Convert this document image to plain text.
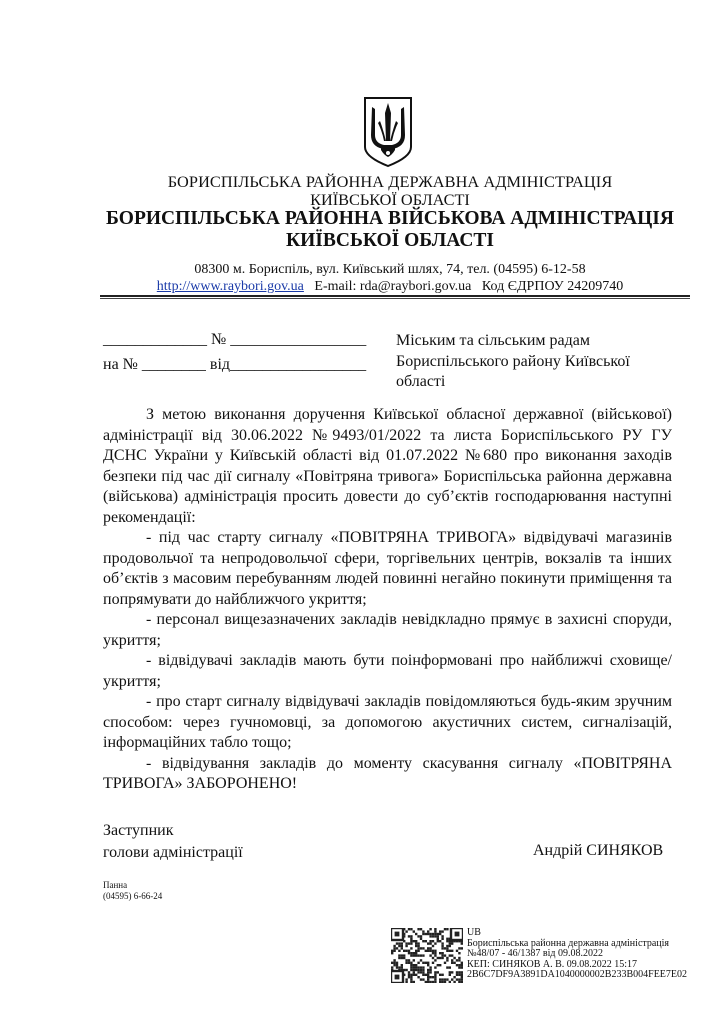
БОРИСПІЛЬСЬКА РАЙОННА ДЕРЖАВНА АДМІНІСТРАЦІЯ
КИЇВСЬКОЇ ОБЛАСТІ
БОРИСПІЛЬСЬКА РАЙОННА ВІЙСЬКОВА АДМІНІСТРАЦІЯ
КИЇВСЬКОЇ ОБЛАСТІ
08300 м. Бориспіль, вул. Київський шлях, 74, тел. (04595) 6-12-58
http://www.raybori.gov.ua E-mail: rda@raybori.gov.ua Код ЄДРПОУ 24209740
_____________ № _________________
на № ________ від_________________
Міським та сільським радам
Бориспільського району Київської
області

З метою виконання доручення Київської обласної державної (військової) адміністрації від 30.06.2022 №9493/01/2022 та листа Бориспільського РУ ГУ ДСНС України у Київській області від 01.07.2022 №680 про виконання заходів безпеки під час дії сигналу «Повітряна тривога» Бориспільська районна державна (військова) адміністрація просить довести до суб’єктів господарювання наступні рекомендації:

- під час старту сигналу «ПОВІТРЯНА ТРИВОГА» відвідувачі магазинів продовольчої та непродовольчої сфери, торгівельних центрів, вокзалів та інших об’єктів з масовим перебуванням людей повинні негайно покинути приміщення та попрямувати до найближчого укриття;

- персонал вищезазначених закладів невідкладно прямує в захисні споруди, укриття;

- відвідувачі закладів мають бути поінформовані про найближчі сховище/укриття;

- про старт сигналу відвідувачі закладів повідомляються будь-яким зручним способом: через гучномовці, за допомогою акустичних систем, сигналізацій, інформаційних табло тощо;

- відвідування закладів до моменту скасування сигналу «ПОВІТРЯНА ТРИВОГА» ЗАБОРОНЕНО!

Заступник
голови адміністрації	Андрій СИНЯКОВ
Панна
(04595) 6-66-24
UB
Бориспільська районна державна адміністрація
№48/07 - 46/1387 від 09.08.2022
КЕП: СИНЯКОВ А. В. 09.08.2022 15:17
2B6C7DF9A3891DA1040000002B233B004FEE7E02
